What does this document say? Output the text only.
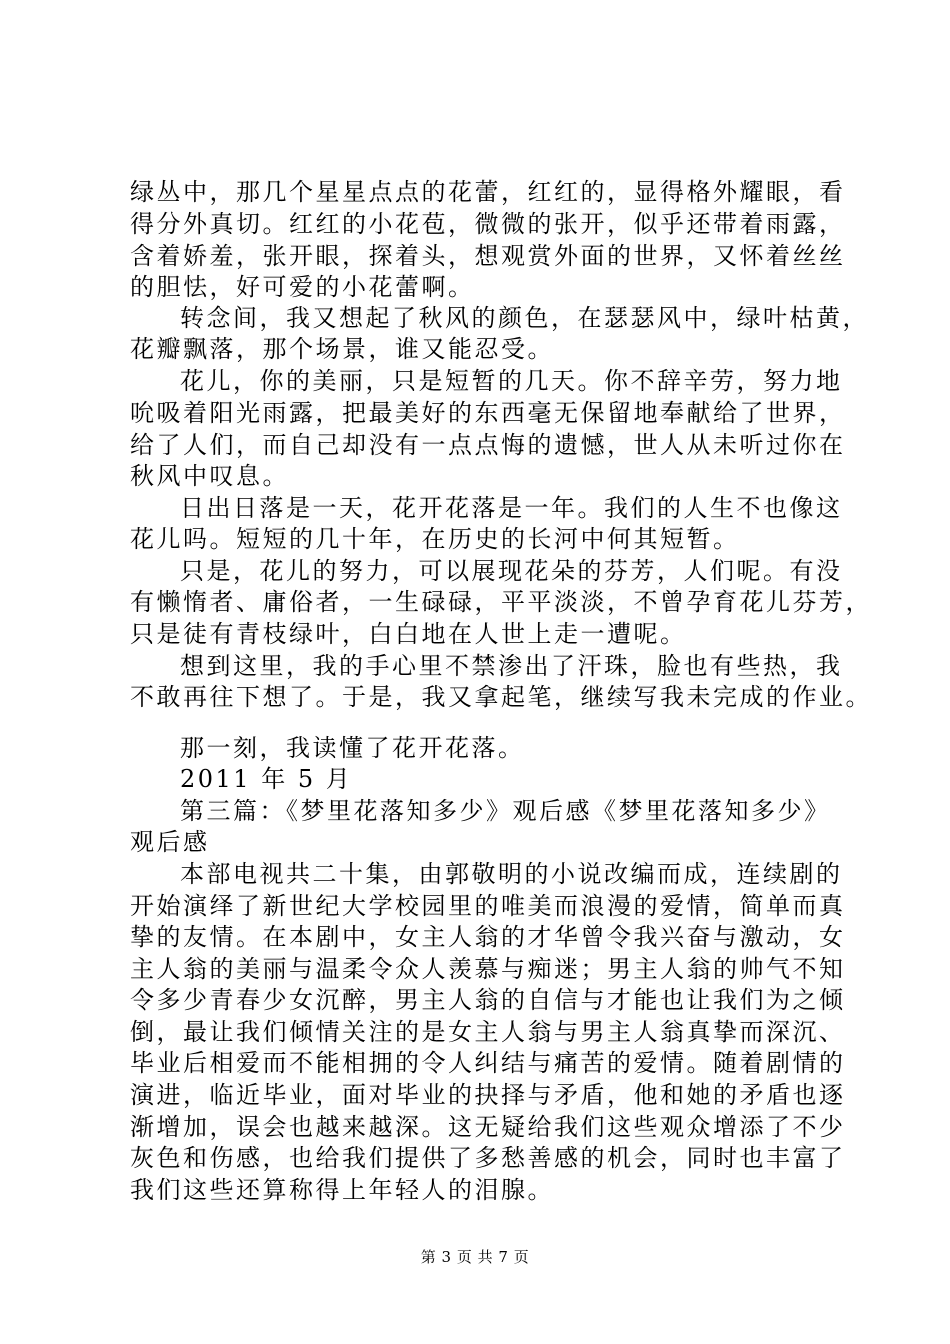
绿丛中，那几个星星点点的花蕾，红红的，显得格外耀眼，看
得分外真切。红红的小花苞，微微的张开，似乎还带着雨露，
含着娇羞，张开眼，探着头，想观赏外面的世界，又怀着丝丝
的胆怯，好可爱的小花蕾啊。
转念间，我又想起了秋风的颜色，在瑟瑟风中，绿叶枯黄，
花瓣飘落，那个场景，谁又能忍受。
花儿，你的美丽，只是短暂的几天。你不辞辛劳，努力地
吮吸着阳光雨露，把最美好的东西毫无保留地奉献给了世界，
给了人们，而自己却没有一点点悔的遗憾，世人从未听过你在
秋风中叹息。
日出日落是一天，花开花落是一年。我们的人生不也像这
花儿吗。短短的几十年，在历史的长河中何其短暂。
只是，花儿的努力，可以展现花朵的芬芳，人们呢。有没
有懒惰者、庸俗者，一生碌碌，平平淡淡，不曾孕育花儿芬芳，
只是徒有青枝绿叶，白白地在人世上走一遭呢。
想到这里，我的手心里不禁渗出了汗珠，脸也有些热，我
不敢再往下想了。于是，我又拿起笔，继续写我未完成的作业。
那一刻，我读懂了花开花落。
2011 年 5 月
第三篇：《梦里花落知多少》观后感《梦里花落知多少》
观后感
本部电视共二十集，由郭敬明的小说改编而成，连续剧的
开始演绎了新世纪大学校园里的唯美而浪漫的爱情，简单而真
挚的友情。在本剧中，女主人翁的才华曾令我兴奋与激动，女
主人翁的美丽与温柔令众人羡慕与痴迷；男主人翁的帅气不知
令多少青春少女沉醉，男主人翁的自信与才能也让我们为之倾
倒，最让我们倾情关注的是女主人翁与男主人翁真挚而深沉、
毕业后相爱而不能相拥的令人纠结与痛苦的爱情。随着剧情的
演进，临近毕业，面对毕业的抉择与矛盾，他和她的矛盾也逐
渐增加，误会也越来越深。这无疑给我们这些观众增添了不少
灰色和伤感，也给我们提供了多愁善感的机会，同时也丰富了
我们这些还算称得上年轻人的泪腺。
第 3 页 共 7 页
